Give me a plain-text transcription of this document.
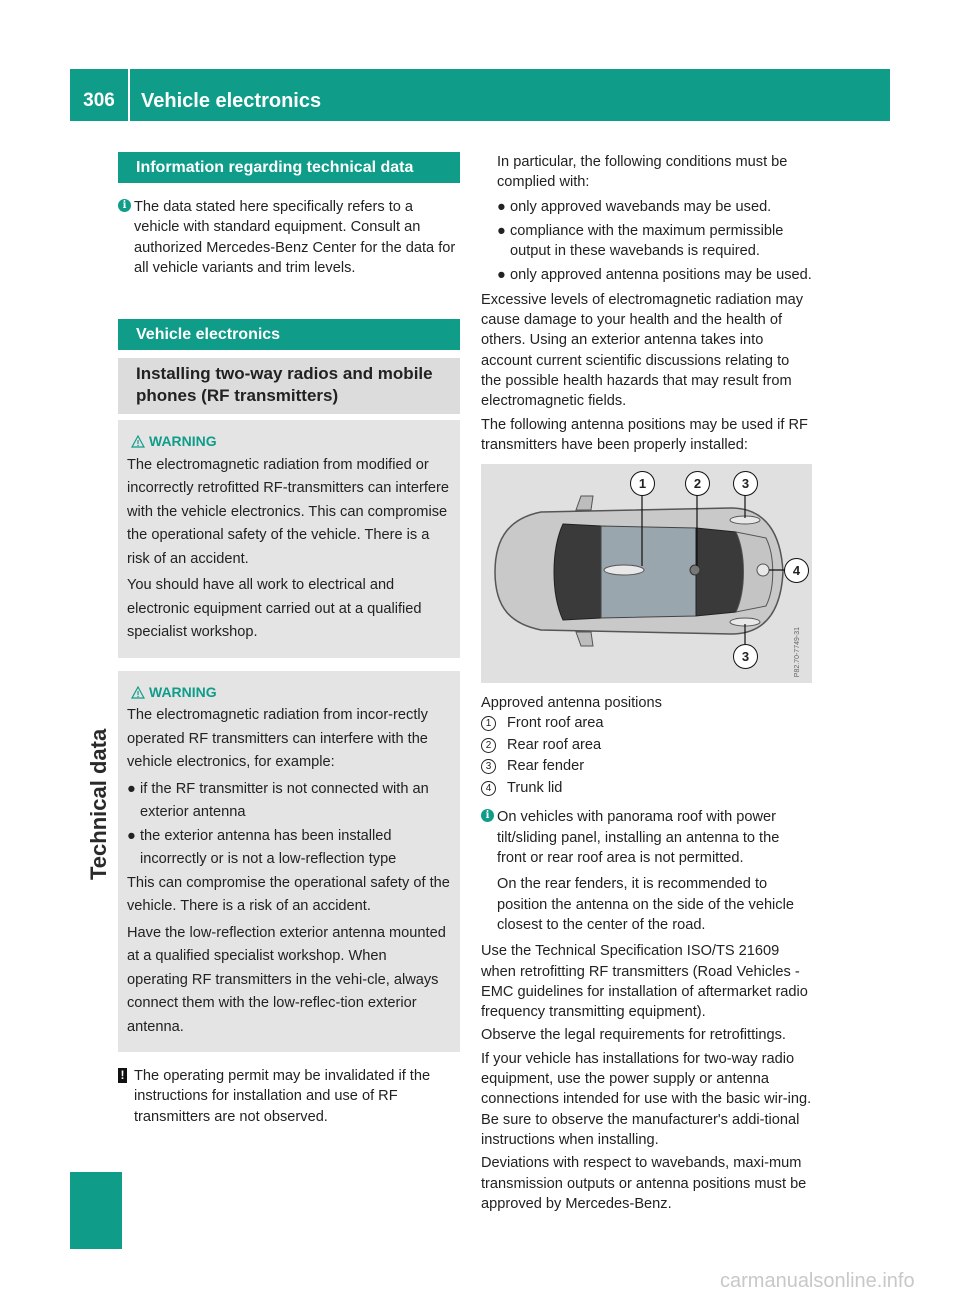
306	Vehicle electronics
Technical data
Information regarding technical data
i The data stated here specifically refers to a vehicle with standard equipment. Consult an authorized Mercedes-Benz Center for the data for all vehicle variants and trim levels.
Vehicle electronics
Installing two-way radios and mobile phones (RF transmitters)
WARNING

The electromagnetic radiation from modified or incorrectly retrofitted RF-transmitters can interfere with the vehicle electronics. This can compromise the operational safety of the vehicle. There is a risk of an accident.

You should have all work to electrical and electronic equipment carried out at a qualified specialist workshop.

WARNING

The electromagnetic radiation from incor-rectly operated RF transmitters can interfere with the vehicle electronics, for example:

● if the RF transmitter is not connected with an exterior antenna
● the exterior antenna has been installed incorrectly or is not a low-reflection type

This can compromise the operational safety of the vehicle. There is a risk of an accident.

Have the low-reflection exterior antenna mounted at a qualified specialist workshop. When operating RF transmitters in the vehi-cle, always connect them with the low-reflec-tion exterior antenna.

! The operating permit may be invalidated if the instructions for installation and use of RF transmitters are not observed.
In particular, the following conditions must be complied with:
● only approved wavebands may be used.
● compliance with the maximum permissible output in these wavebands is required.
● only approved antenna positions may be used.

Excessive levels of electromagnetic radiation may cause damage to your health and the health of others. Using an exterior antenna takes into account current scientific discussions relating to the possible health hazards that may result from electromagnetic fields.

The following antenna positions may be used if RF transmitters have been properly installed:

1	2	3
4
3	P82.70-7749-31
Approved antenna positions
1	Front roof area
2	Rear roof area
3	Rear fender
4	Trunk lid
i On vehicles with panorama roof with power tilt/sliding panel, installing an antenna to the front or rear roof area is not permitted.

On the rear fenders, it is recommended to position the antenna on the side of the vehicle closest to the center of the road.

Use the Technical Specification ISO/TS 21609 when retrofitting RF transmitters (Road Vehicles - EMC guidelines for installation of aftermarket radio frequency transmitting equipment).

Observe the legal requirements for retrofittings.

If your vehicle has installations for two-way radio equipment, use the power supply or antenna connections intended for use with the basic wir-ing. Be sure to observe the manufacturer's addi-tional instructions when installing.

Deviations with respect to wavebands, maxi-mum transmission outputs or antenna positions must be approved by Mercedes-Benz.

carmanualsonline.info
